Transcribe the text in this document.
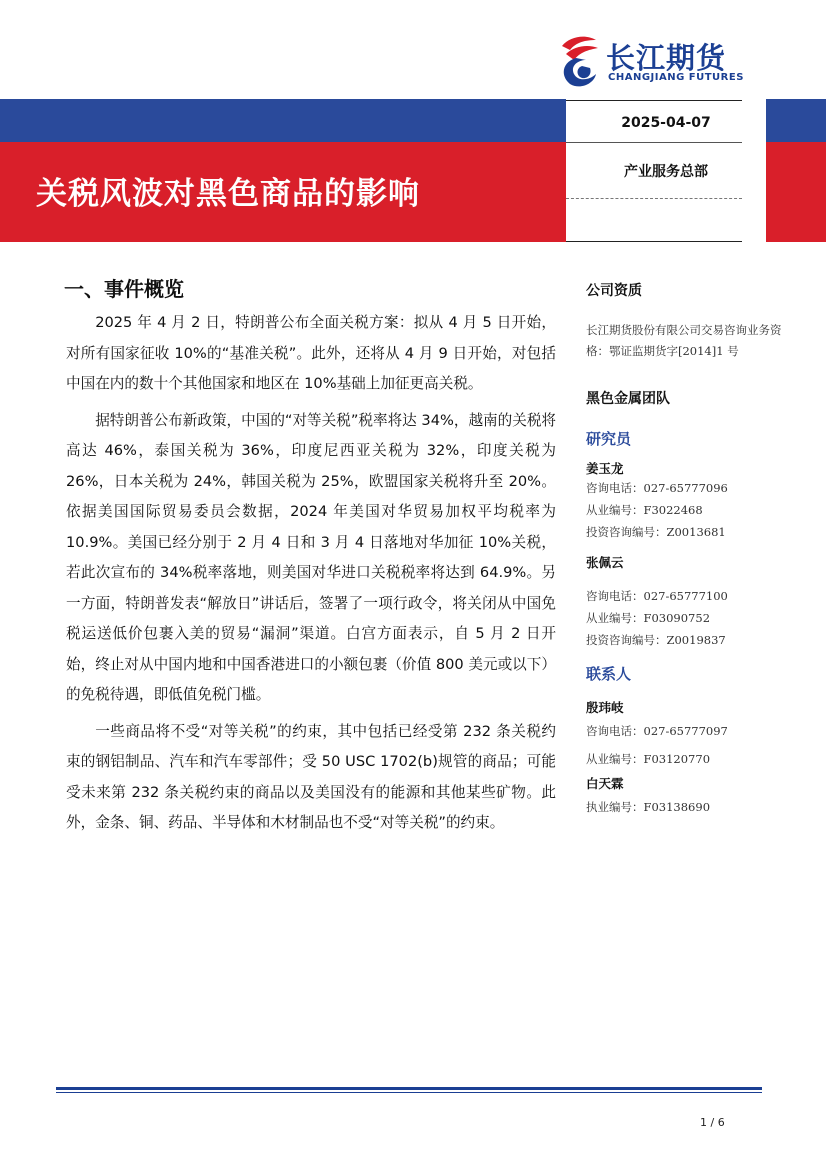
长江期货
CHANGJIANG FUTURES
关税风波对黑色商品的影响
2025-04-07
产业服务总部
一、事件概览

2025 年 4 月 2 日，特朗普公布全面关税方案：拟从 4 月 5 日开始，对所有国家征收 10%的“基准关税”。此外，还将从 4 月 9 日开始，对包括中国在内的数十个其他国家和地区在 10%基础上加征更高关税。

据特朗普公布新政策，中国的“对等关税”税率将达 34%，越南的关税将高达 46%，泰国关税为 36%，印度尼西亚关税为 32%，印度关税为 26%，日本关税为 24%，韩国关税为 25%，欧盟国家关税将升至 20%。依据美国国际贸易委员会数据，2024 年美国对华贸易加权平均税率为 10.9%。美国已经分别于 2 月 4 日和 3 月 4 日落地对华加征 10%关税，若此次宣布的 34%税率落地，则美国对华进口关税税率将达到 64.9%。另一方面，特朗普发表“解放日”讲话后，签署了一项行政令，将关闭从中国免税运送低价包裹入美的贸易“漏洞”渠道。白宫方面表示，自 5 月 2 日开始，终止对从中国内地和中国香港进口的小额包裹（价值 800 美元或以下）的免税待遇，即低值免税门槛。

一些商品将不受“对等关税”的约束，其中包括已经受第 232 条关税约束的钢铝制品、汽车和汽车零部件；受 50 USC 1702(b)规管的商品；可能受未来第 232 条关税约束的商品以及美国没有的能源和其他某些矿物。此外，金条、铜、药品、半导体和木材制品也不受“对等关税”的约束。

公司资质
长江期货股份有限公司交易咨询业务资格：鄂证监期货字[2014]1 号
黑色金属团队
研究员
姜玉龙
咨询电话：027-65777096
从业编号：F3022468
投资咨询编号：Z0013681
张佩云
咨询电话：027-65777100
从业编号：F03090752
投资咨询编号：Z0019837
联系人
殷玮岐
咨询电话：027-65777097
从业编号：F03120770
白天霖
执业编号：F03138690
1 / 6
